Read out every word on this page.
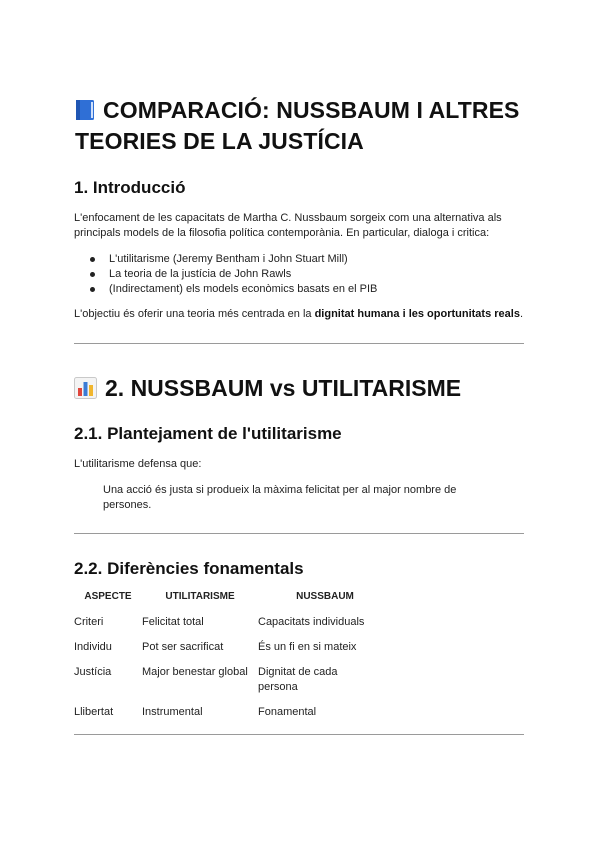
COMPARACIÓ: NUSSBAUM I ALTRES
TEORIES DE LA JUSTÍCIA
1. Introducció

L'enfocament de les capacitats de Martha C. Nussbaum sorgeix com una alternativa als

principals models de la filosofia política contemporània. En particular, dialoga i critica:

L'utilitarisme (Jeremy Bentham i John Stuart Mill)
La teoria de la justícia de John Rawls
(Indirectament) els models econòmics basats en el PIB

L'objectiu és oferir una teoria més centrada en la dignitat humana i les oportunitats reals.

2. NUSSBAUM vs UTILITARISME
2.1. Plantejament de l'utilitarisme

L'utilitarisme defensa que:

Una acció és justa si produeix la màxima felicitat per al major nombre de
persones.
2.2. Diferències fonamentals
ASPECTE	UTILITARISME	NUSSBAUM
Criteri	Felicitat total	Capacitats individuals
Individu	Pot ser sacrificat	És un fi en si mateix
Justícia	Major benestar global	Dignitat de cada persona
Llibertat	Instrumental	Fonamental
